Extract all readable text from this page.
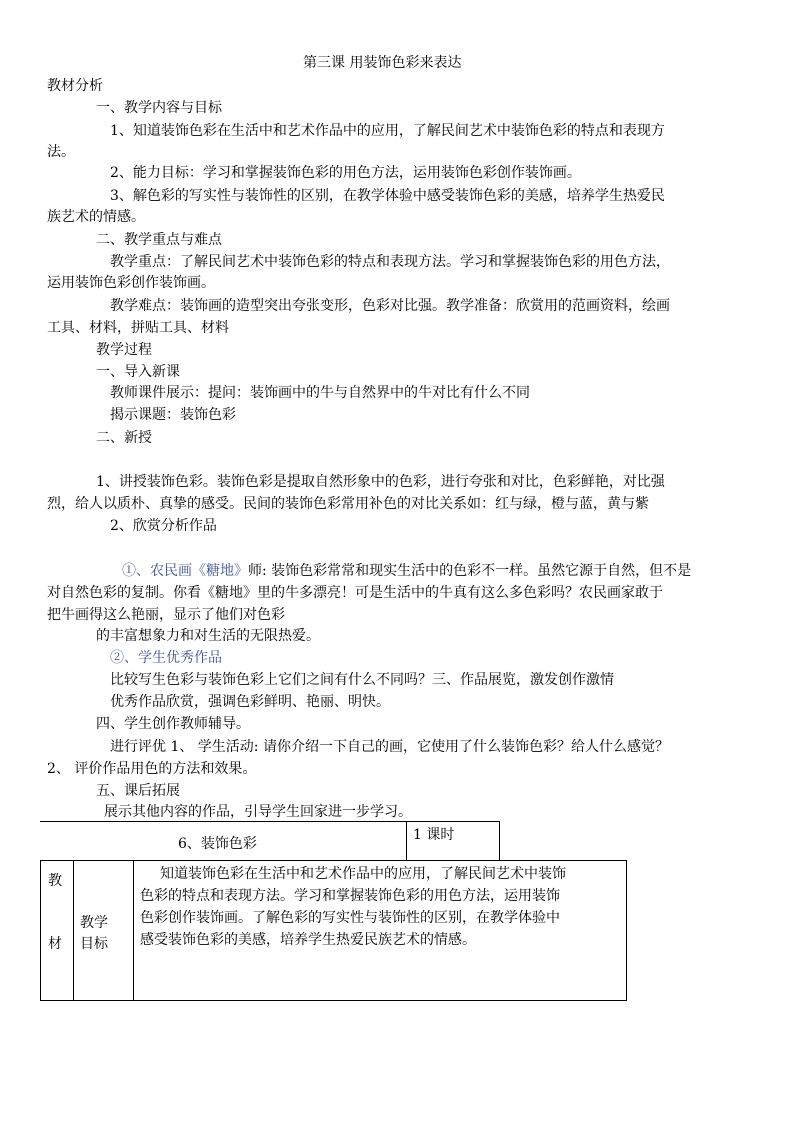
第三课 用装饰色彩来表达
教材分析
一、教学内容与目标
1、知道装饰色彩在生活中和艺术作品中的应用，了解民间艺术中装饰色彩的特点和表现方
法。
2、能力目标：学习和掌握装饰色彩的用色方法，运用装饰色彩创作装饰画。
3、解色彩的写实性与装饰性的区别，在教学体验中感受装饰色彩的美感，培养学生热爱民
族艺术的情感。
二、教学重点与难点
教学重点：了解民间艺术中装饰色彩的特点和表现方法。学习和掌握装饰色彩的用色方法，
运用装饰色彩创作装饰画。
教学难点：装饰画的造型突出夸张变形，色彩对比强。教学准备：欣赏用的范画资料，绘画
工具、材料，拼贴工具、材料
教学过程
一、导入新课
教师课件展示：提问：装饰画中的牛与自然界中的牛对比有什么不同
揭示课题：装饰色彩
二、新授
1、讲授装饰色彩。装饰色彩是提取自然形象中的色彩，进行夸张和对比，色彩鲜艳，对比强
烈，给人以质朴、真挚的感受。民间的装饰色彩常用补色的对比关系如：红与绿，橙与蓝，黄与紫
2、欣赏分析作品
①、农民画《糖地》师: 装饰色彩常常和现实生活中的色彩不一样。虽然它源于自然，但不是
对自然色彩的复制。你看《糖地》里的牛多漂亮！可是生活中的牛真有这么多色彩吗？农民画家敢于
把牛画得这么艳丽，显示了他们对色彩
的丰富想象力和对生活的无限热爱。
②、学生优秀作品
比较写生色彩与装饰色彩上它们之间有什么不同吗？三、作品展览，激发创作激情
优秀作品欣赏，强调色彩鲜明、艳丽、明快。
四、学生创作教师辅导。
进行评优 1、 学生活动: 请你介绍一下自己的画，它使用了什么装饰色彩？给人什么感觉？
2、 评价作品用色的方法和效果。
五、课后拓展
展示其他内容的作品，引导学生回家进一步学习。
6、装饰色彩
1 课时
教
材
教学
目标
知道装饰色彩在生活中和艺术作品中的应用，了解民间艺术中装饰
色彩的特点和表现方法。学习和掌握装饰色彩的用色方法，运用装饰
色彩创作装饰画。了解色彩的写实性与装饰性的区别，在教学体验中
感受装饰色彩的美感，培养学生热爱民族艺术的情感。
